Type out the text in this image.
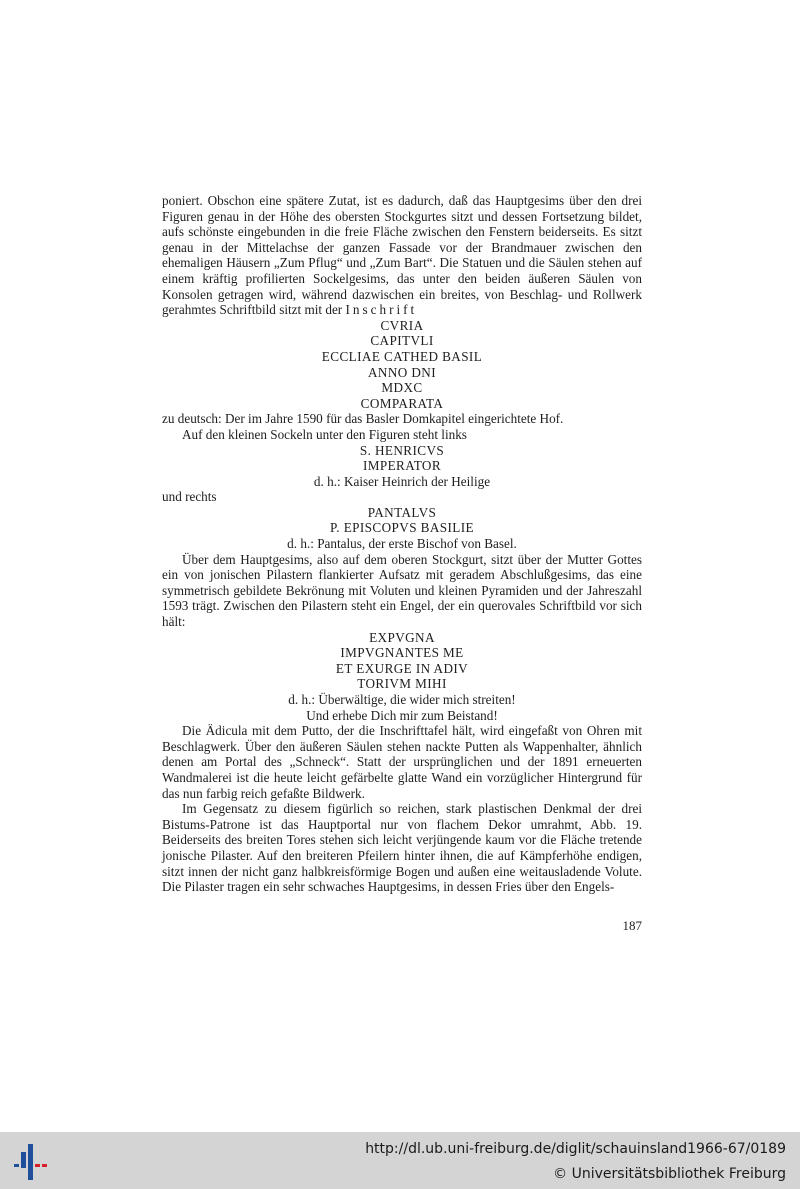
poniert. Obschon eine spätere Zutat, ist es dadurch, daß das Hauptgesims über den drei Figuren genau in der Höhe des obersten Stockgurtes sitzt und dessen Fortsetzung bildet, aufs schönste eingebunden in die freie Fläche zwischen den Fenstern beiderseits. Es sitzt genau in der Mittelachse der ganzen Fassade vor der Brandmauer zwischen den ehemaligen Häusern „Zum Pflug“ und „Zum Bart“. Die Statuen und die Säulen stehen auf einem kräftig profilierten Sockelgesims, das unter den beiden äußeren Säulen von Konsolen getragen wird, während dazwischen ein breites, von Beschlag- und Rollwerk gerahmtes Schriftbild sitzt mit der Inschrift

CVRIA

CAPITVLI

ECCLIAE CATHED BASIL

ANNO DNI

MDXC

COMPARATA

zu deutsch: Der im Jahre 1590 für das Basler Domkapitel eingerichtete Hof.

Auf den kleinen Sockeln unter den Figuren steht links

S. HENRICVS

IMPERATOR

d. h.: Kaiser Heinrich der Heilige

und rechts

PANTALVS

P. EPISCOPVS BASILIE

d. h.: Pantalus, der erste Bischof von Basel.

Über dem Hauptgesims, also auf dem oberen Stockgurt, sitzt über der Mutter Gottes ein von jonischen Pilastern flankierter Aufsatz mit geradem Abschlußgesims, das eine symmetrisch gebildete Bekrönung mit Voluten und kleinen Pyramiden und der Jahreszahl 1593 trägt. Zwischen den Pilastern steht ein Engel, der ein querovales Schriftbild vor sich hält:

EXPVGNA

IMPVGNANTES ME

ET EXURGE IN ADIV

TORIVM MIHI

d. h.: Überwältige, die wider mich streiten!

Und erhebe Dich mir zum Beistand!

Die Ädicula mit dem Putto, der die Inschrifttafel hält, wird eingefaßt von Ohren mit Beschlagwerk. Über den äußeren Säulen stehen nackte Putten als Wappenhalter, ähnlich denen am Portal des „Schneck“. Statt der ursprünglichen und der 1891 erneuerten Wandmalerei ist die heute leicht gefärbelte glatte Wand ein vorzüglicher Hintergrund für das nun farbig reich gefaßte Bildwerk.

Im Gegensatz zu diesem figürlich so reichen, stark plastischen Denkmal der drei Bistums-Patrone ist das Hauptportal nur von flachem Dekor umrahmt, Abb. 19. Beiderseits des breiten Tores stehen sich leicht verjüngende kaum vor die Fläche tretende jonische Pilaster. Auf den breiteren Pfeilern hinter ihnen, die auf Kämpferhöhe endigen, sitzt innen der nicht ganz halbkreisförmige Bogen und außen eine weitausladende Volute. Die Pilaster tragen ein sehr schwaches Hauptgesims, in dessen Fries über den Engels-

187
http://dl.ub.uni-freiburg.de/diglit/schauinsland1966-67/0189
© Universitätsbibliothek Freiburg
